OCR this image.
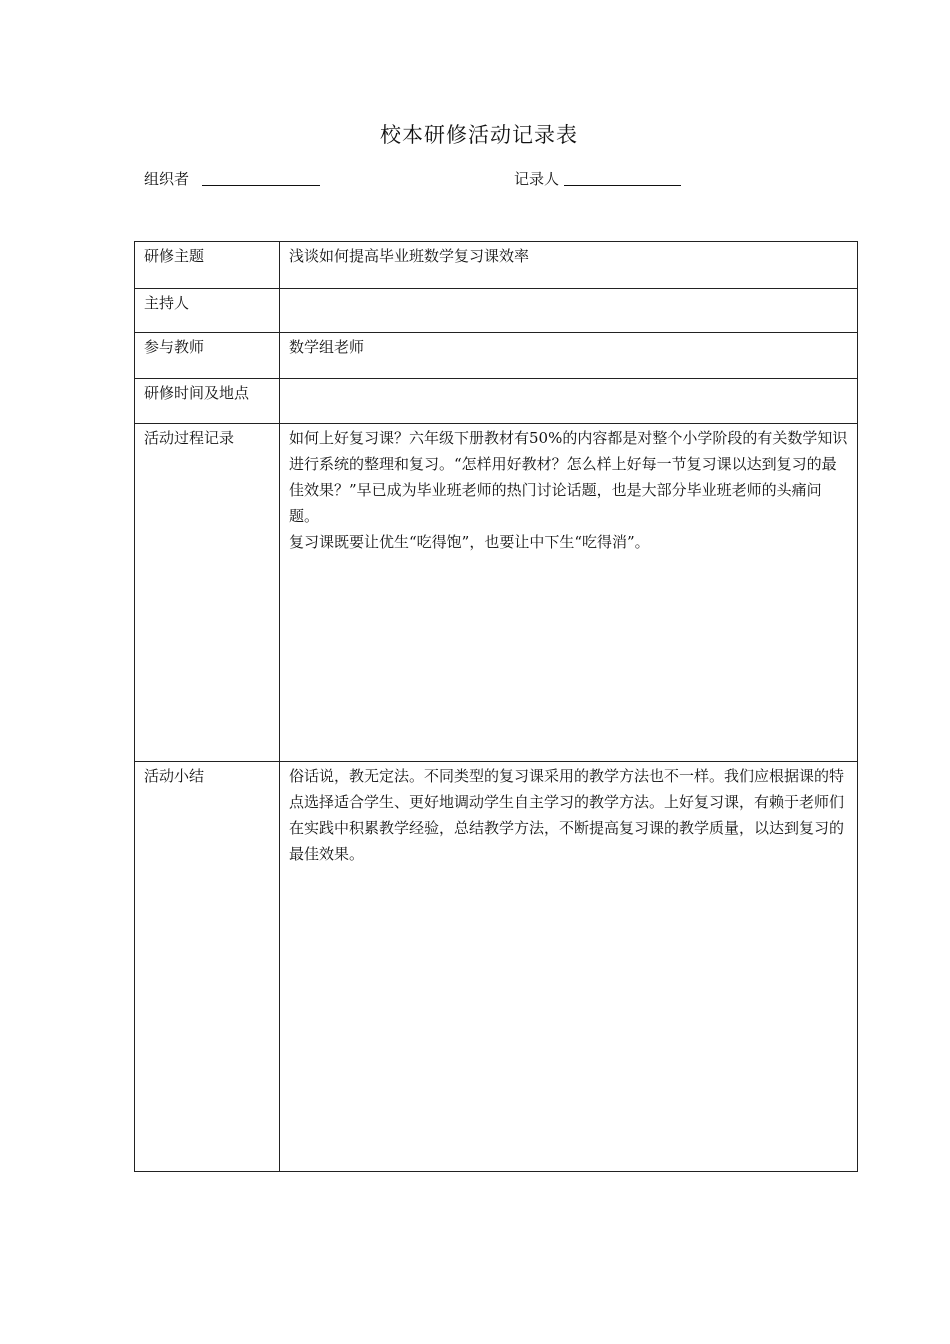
校本研修活动记录表
组织者	记录人
研修主题	浅谈如何提高毕业班数学复习课效率
主持人	
参与教师	数学组老师
研修时间及地点	
活动过程记录	如何上好复习课？六年级下册教材有50%的内容都是对整个小学阶段的有关数学知识进行系统的整理和复习。“怎样用好教材？怎么样上好每一节复习课以达到复习的最佳效果？”早已成为毕业班老师的热门讨论话题，也是大部分毕业班老师的头痛问题。

复习课既要让优生“吃得饱”，也要让中下生“吃得消”。

活动小结	俗话说，教无定法。不同类型的复习课采用的教学方法也不一样。我们应根据课的特点选择适合学生、更好地调动学生自主学习的教学方法。上好复习课，有赖于老师们在实践中积累教学经验，总结教学方法，不断提高复习课的教学质量，以达到复习的最佳效果。
